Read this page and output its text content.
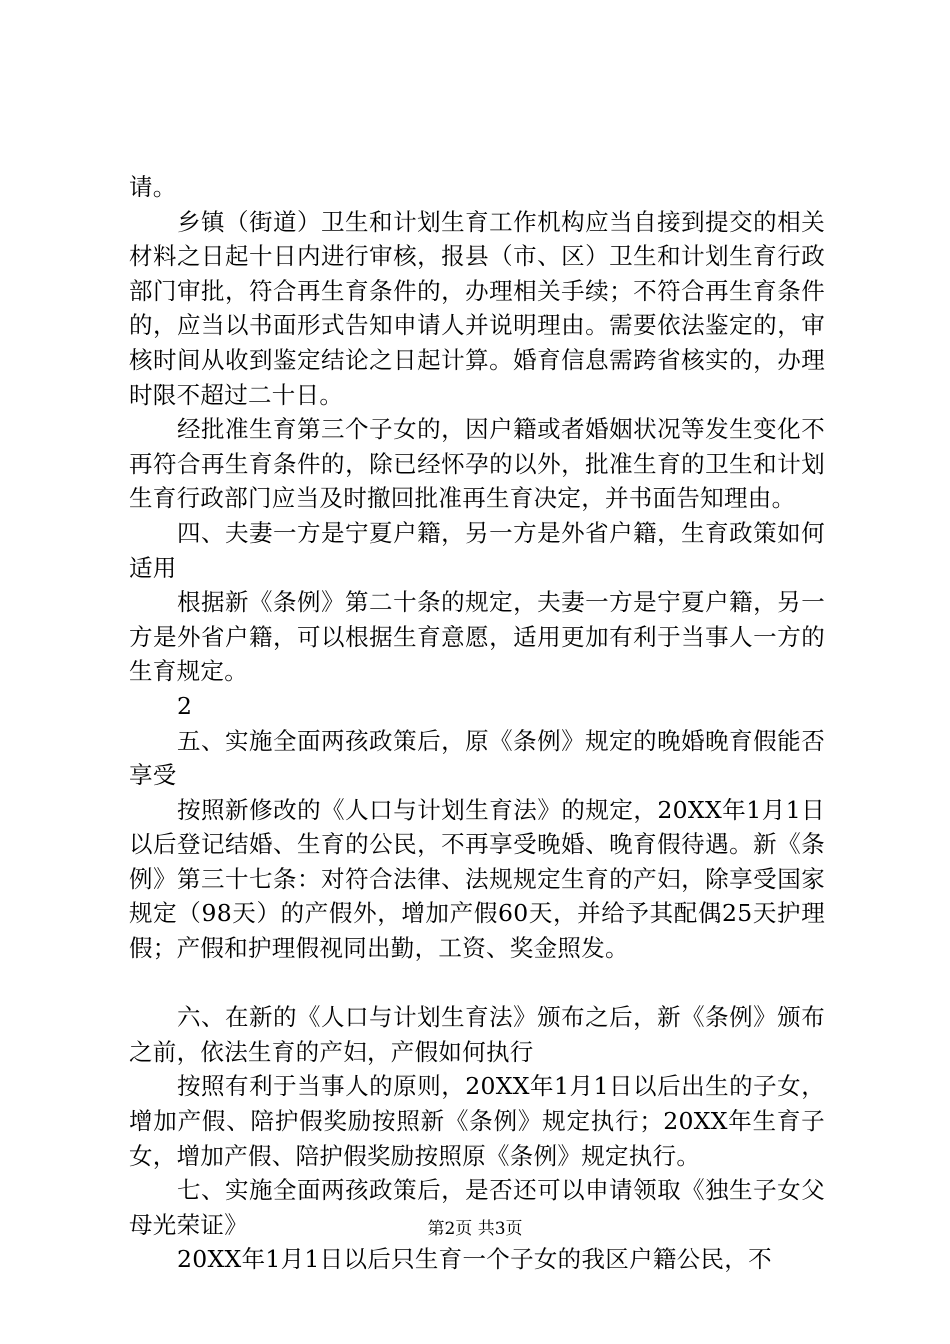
请。

乡镇（街道）卫生和计划生育工作机构应当自接到提交的相关材料之日起十日内进行审核，报县（市、区）卫生和计划生育行政部门审批，符合再生育条件的，办理相关手续；不符合再生育条件的，应当以书面形式告知申请人并说明理由。需要依法鉴定的，审核时间从收到鉴定结论之日起计算。婚育信息需跨省核实的，办理时限不超过二十日。

经批准生育第三个子女的，因户籍或者婚姻状况等发生变化不再符合再生育条件的，除已经怀孕的以外，批准生育的卫生和计划生育行政部门应当及时撤回批准再生育决定，并书面告知理由。

四、夫妻一方是宁夏户籍，另一方是外省户籍，生育政策如何适用

根据新《条例》第二十条的规定，夫妻一方是宁夏户籍，另一方是外省户籍，可以根据生育意愿，适用更加有利于当事人一方的生育规定。

2

五、实施全面两孩政策后，原《条例》规定的晚婚晚育假能否享受

按照新修改的《人口与计划生育法》的规定，20XX年1月1日以后登记结婚、生育的公民，不再享受晚婚、晚育假待遇。新《条例》第三十七条：对符合法律、法规规定生育的产妇，除享受国家规定（98天）的产假外，增加产假60天，并给予其配偶25天护理假；产假和护理假视同出勤，工资、奖金照发。

六、在新的《人口与计划生育法》颁布之后，新《条例》颁布之前，依法生育的产妇，产假如何执行

按照有利于当事人的原则，20XX年1月1日以后出生的子女，增加产假、陪护假奖励按照新《条例》规定执行；20XX年生育子女，增加产假、陪护假奖励按照原《条例》规定执行。

七、实施全面两孩政策后，是否还可以申请领取《独生子女父母光荣证》

20XX年1月1日以后只生育一个子女的我区户籍公民，不

第2页 共3页
